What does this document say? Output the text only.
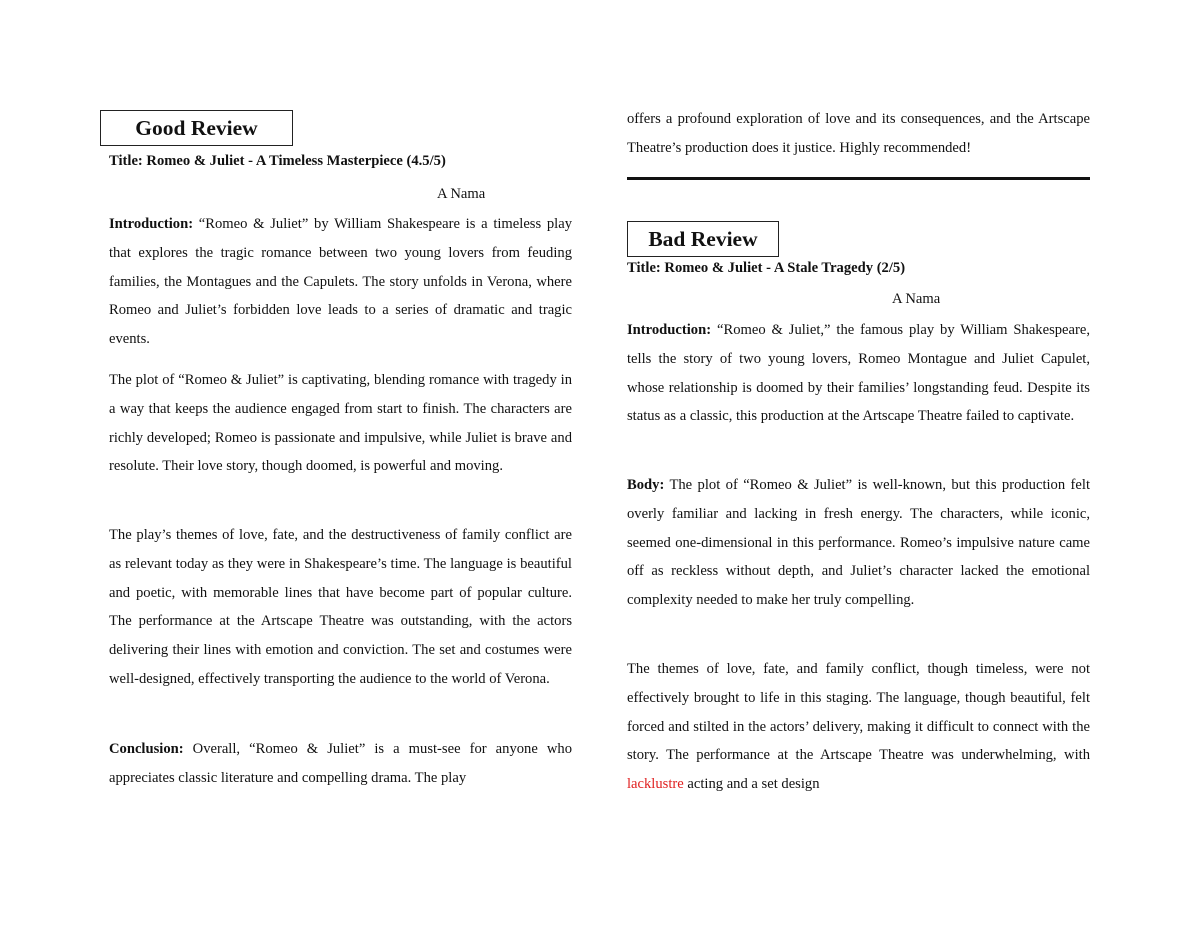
Good Review
Title: Romeo & Juliet - A Timeless Masterpiece (4.5/5)
A Nama

Introduction: “Romeo & Juliet” by William Shakespeare is a timeless play that explores the tragic romance between two young lovers from feuding families, the Montagues and the Capulets. The story unfolds in Verona, where Romeo and Juliet’s forbidden love leads to a series of dramatic and tragic events.

The plot of “Romeo & Juliet” is captivating, blending romance with tragedy in a way that keeps the audience engaged from start to finish. The characters are richly developed; Romeo is passionate and impulsive, while Juliet is brave and resolute. Their love story, though doomed, is powerful and moving.

The play’s themes of love, fate, and the destructiveness of family conflict are as relevant today as they were in Shakespeare’s time. The language is beautiful and poetic, with memorable lines that have become part of popular culture. The performance at the Artscape Theatre was outstanding, with the actors delivering their lines with emotion and conviction. The set and costumes were well-designed, effectively transporting the audience to the world of Verona.

Conclusion: Overall, “Romeo & Juliet” is a must-see for anyone who appreciates classic literature and compelling drama. The play

offers a profound exploration of love and its consequences, and the Artscape Theatre’s production does it justice. Highly recommended!

Bad Review
Title: Romeo & Juliet - A Stale Tragedy (2/5)
A Nama

Introduction: “Romeo & Juliet,” the famous play by William Shakespeare, tells the story of two young lovers, Romeo Montague and Juliet Capulet, whose relationship is doomed by their families’ longstanding feud. Despite its status as a classic, this production at the Artscape Theatre failed to captivate.

Body: The plot of “Romeo & Juliet” is well-known, but this production felt overly familiar and lacking in fresh energy. The characters, while iconic, seemed one-dimensional in this performance. Romeo’s impulsive nature came off as reckless without depth, and Juliet’s character lacked the emotional complexity needed to make her truly compelling.

The themes of love, fate, and family conflict, though timeless, were not effectively brought to life in this staging. The language, though beautiful, felt forced and stilted in the actors’ delivery, making it difficult to connect with the story. The performance at the Artscape Theatre was underwhelming, with lacklustre acting and a set design
